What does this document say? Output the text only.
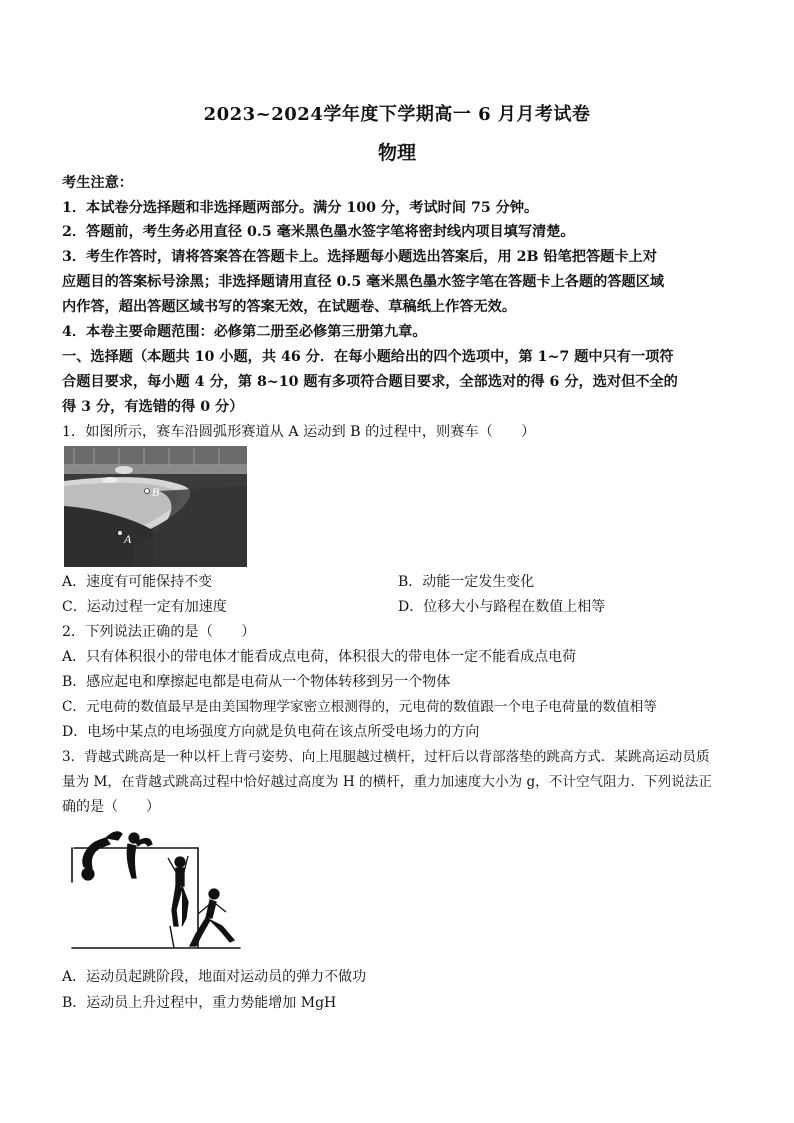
2023~2024学年度下学期高一 6 月月考试卷
物理
考生注意：
1．本试卷分选择题和非选择题两部分。满分 100 分，考试时间 75 分钟。
2．答题前，考生务必用直径 0.5 毫米黑色墨水签字笔将密封线内项目填写清楚。
3．考生作答时，请将答案答在答题卡上。选择题每小题选出答案后，用 2B 铅笔把答题卡上对
应题目的答案标号涂黑；非选择题请用直径 0.5 毫米黑色墨水签字笔在答题卡上各题的答题区域
内作答，超出答题区域书写的答案无效，在试题卷、草稿纸上作答无效。
4．本卷主要命题范围：必修第二册至必修第三册第九章。
一、选择题（本题共 10 小题，共 46 分．在每小题给出的四个选项中，第 1~7 题中只有一项符
合题目要求，每小题 4 分，第 8~10 题有多项符合题目要求，全部选对的得 6 分，选对但不全的
得 3 分，有选错的得 0 分）
1．如图所示，赛车沿圆弧形赛道从 A 运动到 B 的过程中，则赛车（　　）
B
A
A．速度有可能保持不变	B．动能一定发生变化
C．运动过程一定有加速度	D．位移大小与路程在数值上相等
2．下列说法正确的是（　　）
A．只有体积很小的带电体才能看成点电荷，体积很大的带电体一定不能看成点电荷
B．感应起电和摩擦起电都是电荷从一个物体转移到另一个物体
C．元电荷的数值最早是由美国物理学家密立根测得的，元电荷的数值跟一个电子电荷量的数值相等
D．电场中某点的电场强度方向就是负电荷在该点所受电场力的方向
3．背越式跳高是一种以杆上背弓姿势、向上甩腿越过横杆，过杆后以背部落垫的跳高方式．某跳高运动员质
量为 M，在背越式跳高过程中恰好越过高度为 H 的横杆，重力加速度大小为 g，不计空气阻力．下列说法正
确的是（　　）
A．运动员起跳阶段，地面对运动员的弹力不做功
B．运动员上升过程中，重力势能增加 MgH
